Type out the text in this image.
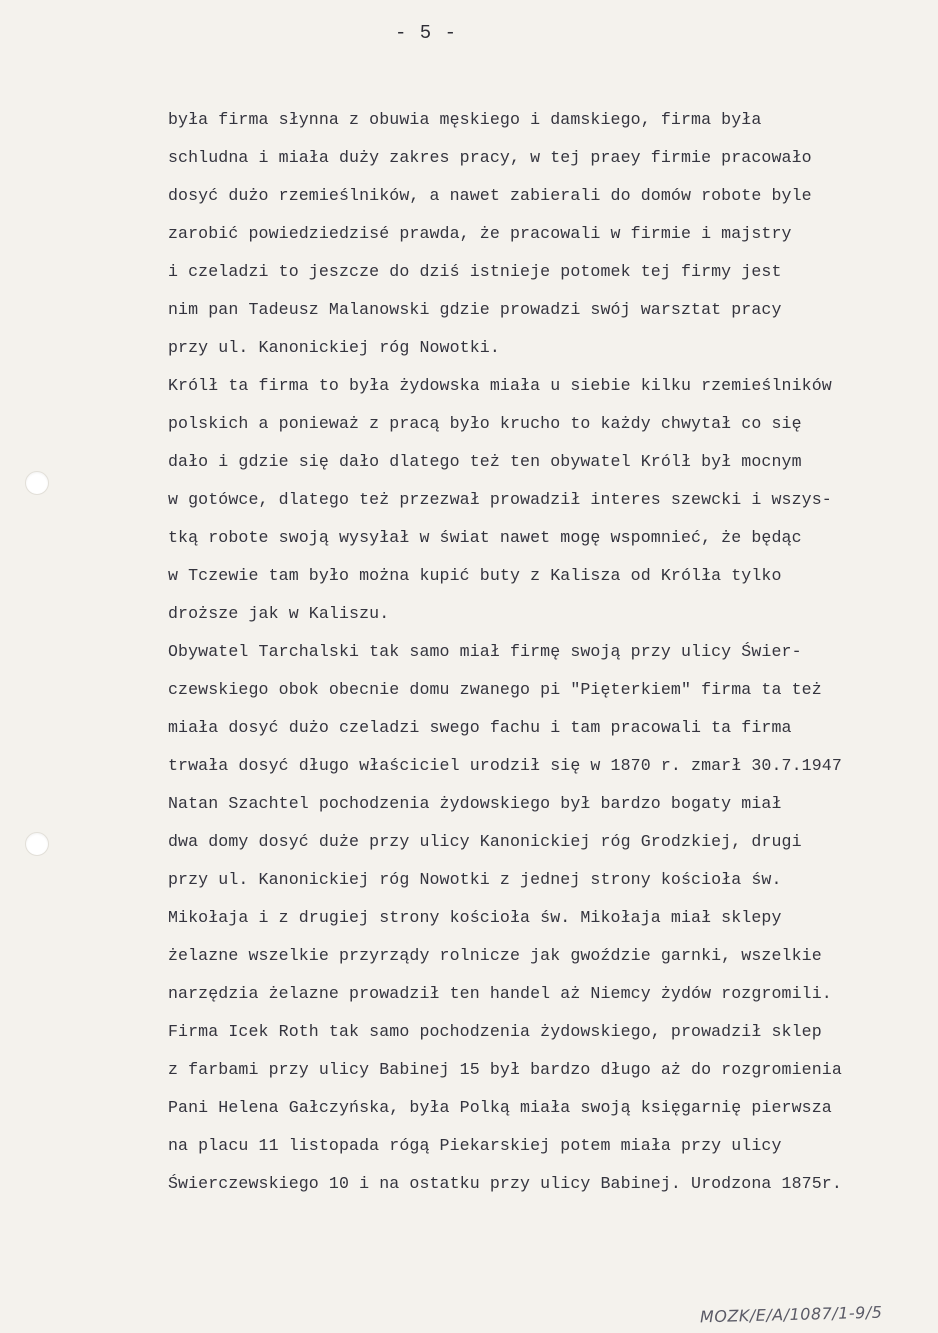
- 5 -
była firma słynna z obuwia męskiego i damskiego, firma była
schludna i miała duży zakres pracy, w tej praey firmie pracowało
dosyć dużo rzemieślników, a nawet zabierali do domów robote byle
zarobić powiedziedzisé prawda, że pracowali w firmie i majstry
i czeladzi to jeszcze do dziś istnieje potomek tej firmy jest
nim pan Tadeusz Malanowski gdzie prowadzi swój warsztat pracy
przy ul. Kanonickiej róg Nowotki.
Królł ta firma to była żydowska miała u siebie kilku rzemieślników
polskich a ponieważ z pracą było krucho to każdy chwytał co się
dało i gdzie się dało dlatego też ten obywatel Królł był mocnym
w gotówce, dlatego też przezwał prowadził interes szewcki i wszys-
tką robote swoją wysyłał w świat nawet mogę wspomnieć, że będąc
w Tczewie tam było można kupić buty z Kalisza od Królła tylko
droższe jak w Kaliszu.
Obywatel Tarchalski tak samo miał firmę swoją przy ulicy Świer-
czewskiego obok obecnie domu zwanego pi "Pięterkiem" firma ta też
miała dosyć dużo czeladzi swego fachu i tam pracowali ta firma
trwała dosyć długo właściciel urodził się w 1870 r. zmarł 30.7.1947
Natan Szachtel pochodzenia żydowskiego był bardzo bogaty miał
dwa domy dosyć duże przy ulicy Kanonickiej róg Grodzkiej, drugi
przy ul. Kanonickiej róg Nowotki z jednej strony kościoła św.
Mikołaja i z drugiej strony kościoła św. Mikołaja miał sklepy
żelazne wszelkie przyrządy rolnicze jak gwoździe garnki, wszelkie
narzędzia żelazne prowadził ten handel aż Niemcy żydów rozgromili.
Firma Icek Roth tak samo pochodzenia żydowskiego, prowadził sklep
z farbami przy ulicy Babinej 15 był bardzo długo aż do rozgromienia
Pani Helena Gałczyńska, była Polką miała swoją księgarnię pierwsza
na placu 11 listopada rógą Piekarskiej potem miała przy ulicy
Świerczewskiego 10 i na ostatku przy ulicy Babinej. Urodzona 1875r.
MOZK/E/A/1087/1-9/5
